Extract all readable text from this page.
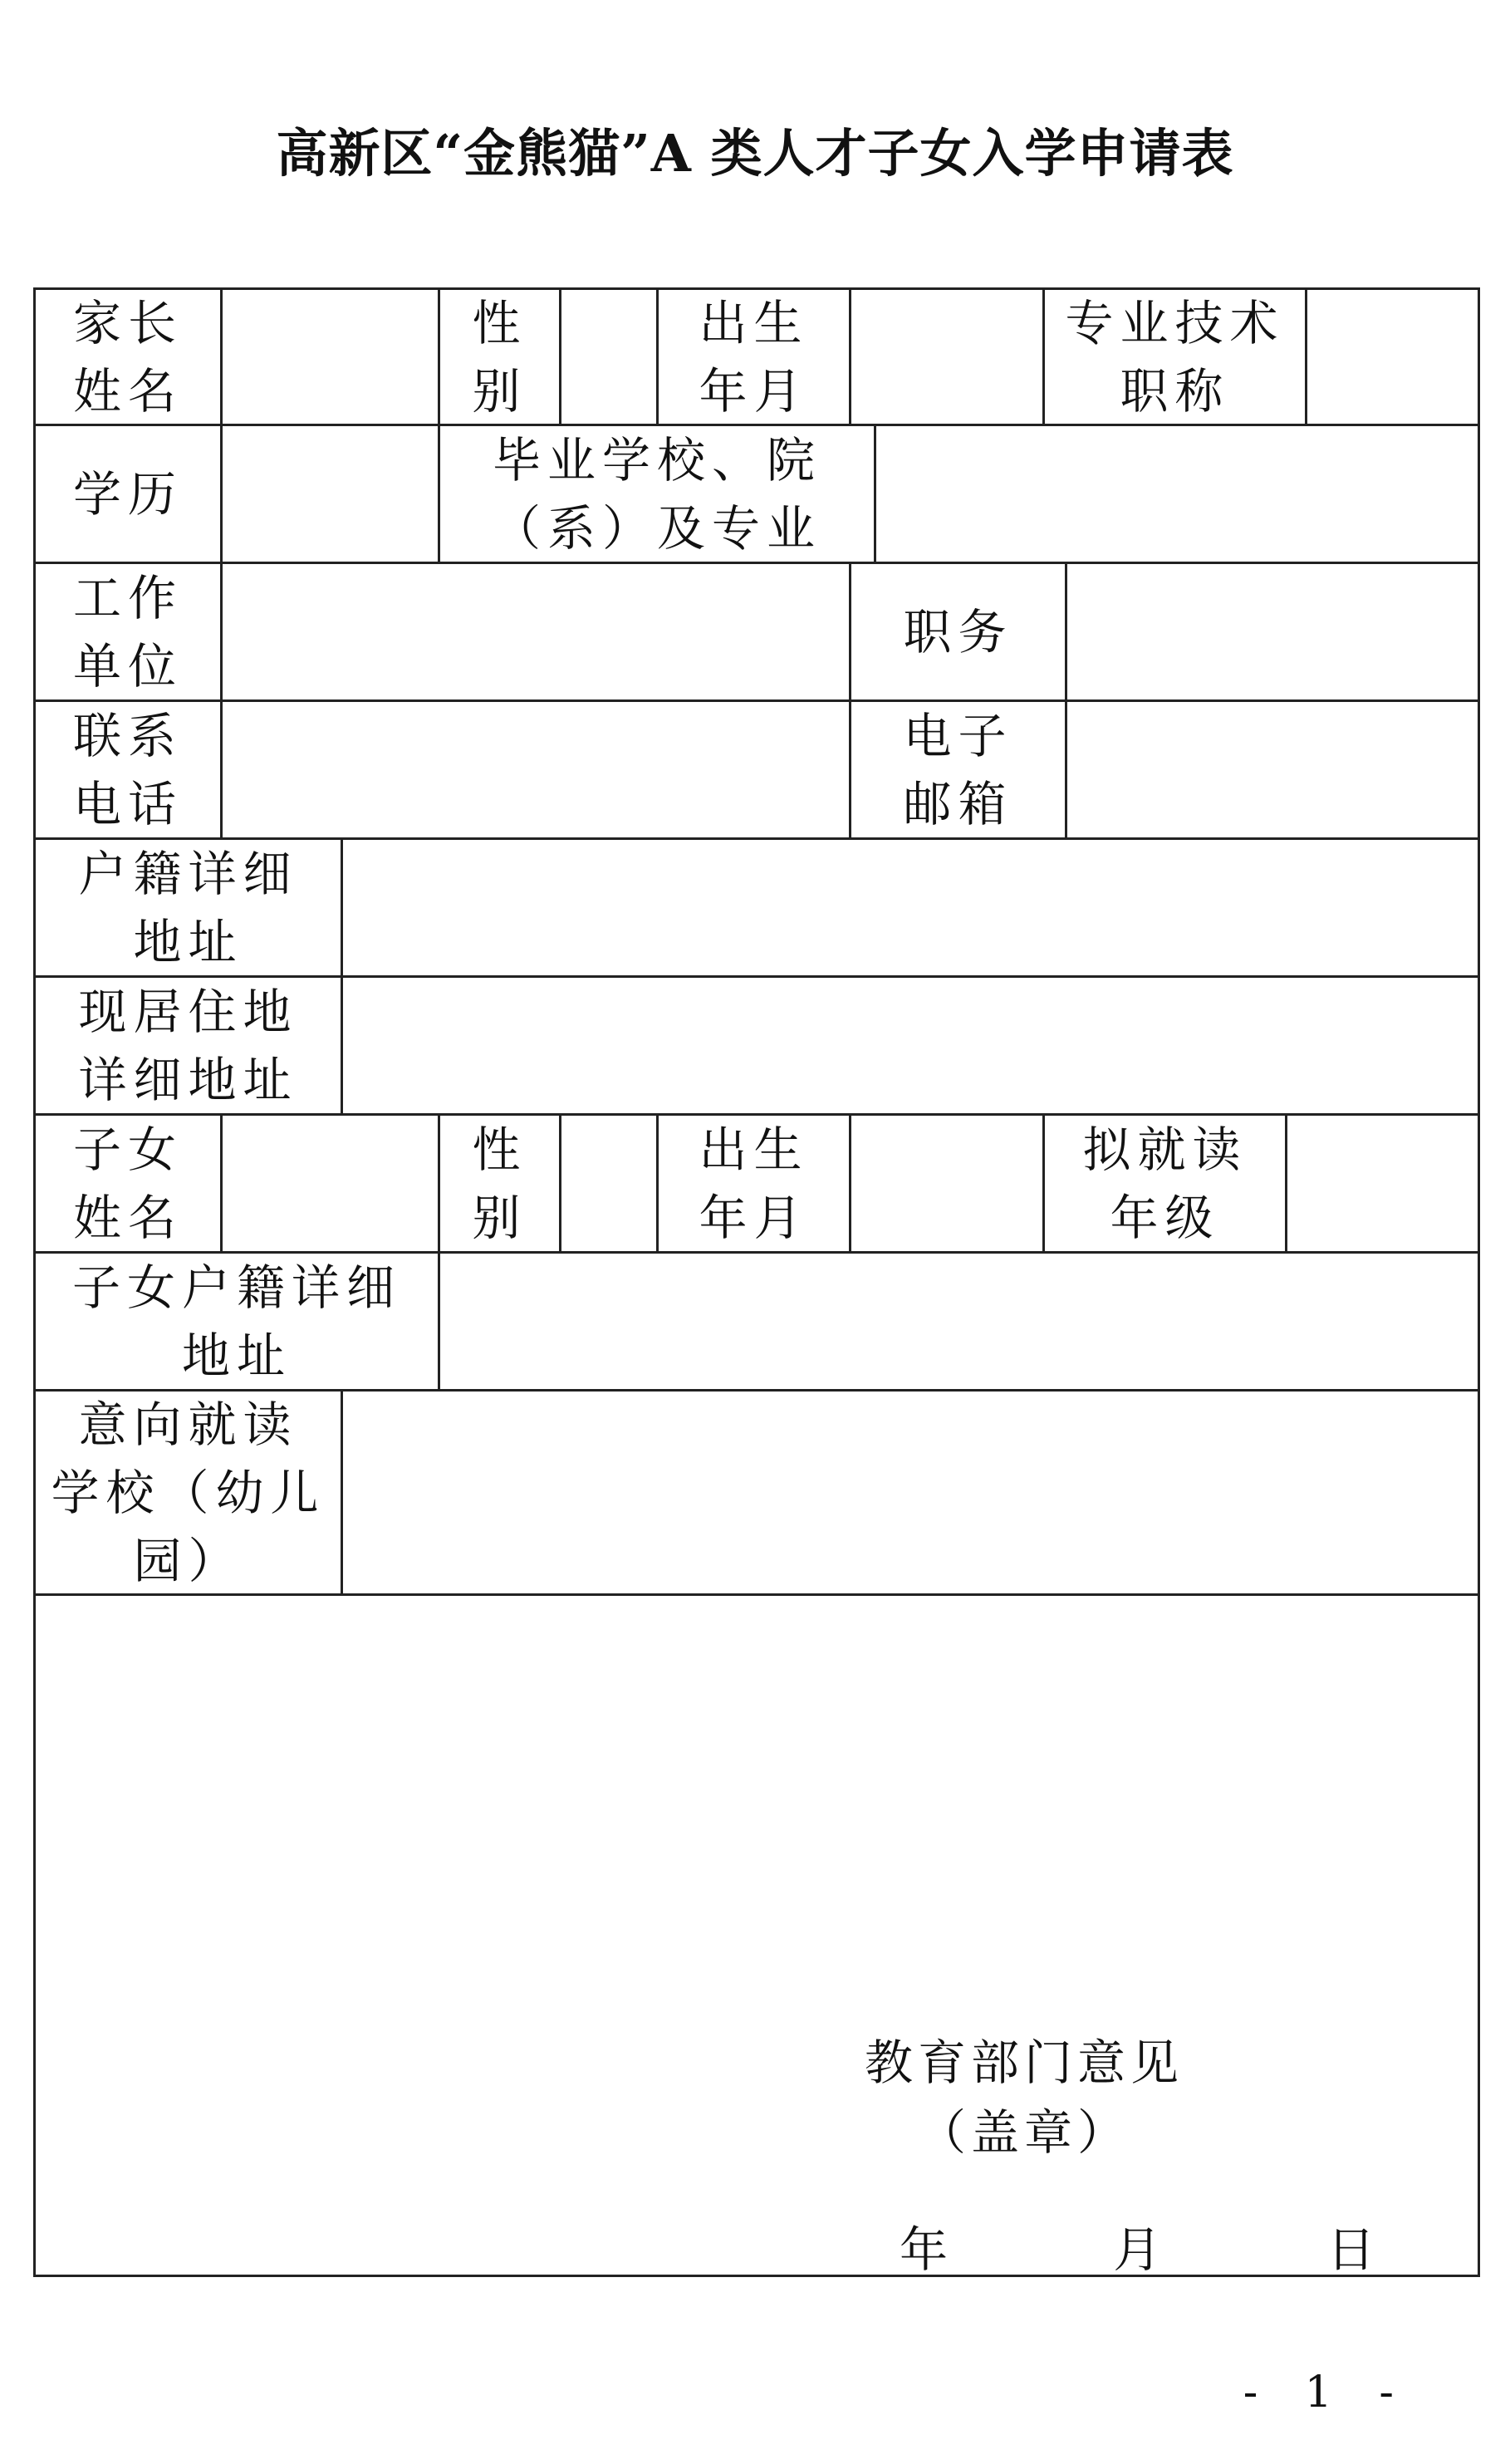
高新区“金熊猫”A 类人才子女入学申请表
家长
姓名
性
别
出生
年月
专业技术
职称
学历
毕业学校、院
（系）及专业
工作
单位
职务
联系
电话
电子
邮箱
户籍详细
地址
现居住地
详细地址
子女
姓名
性
别
出生
年月
拟就读
年级
子女户籍详细
地址
意向就读
学校（幼儿
园）
教育部门意见
（盖章）
年   月   日
- 1 -
